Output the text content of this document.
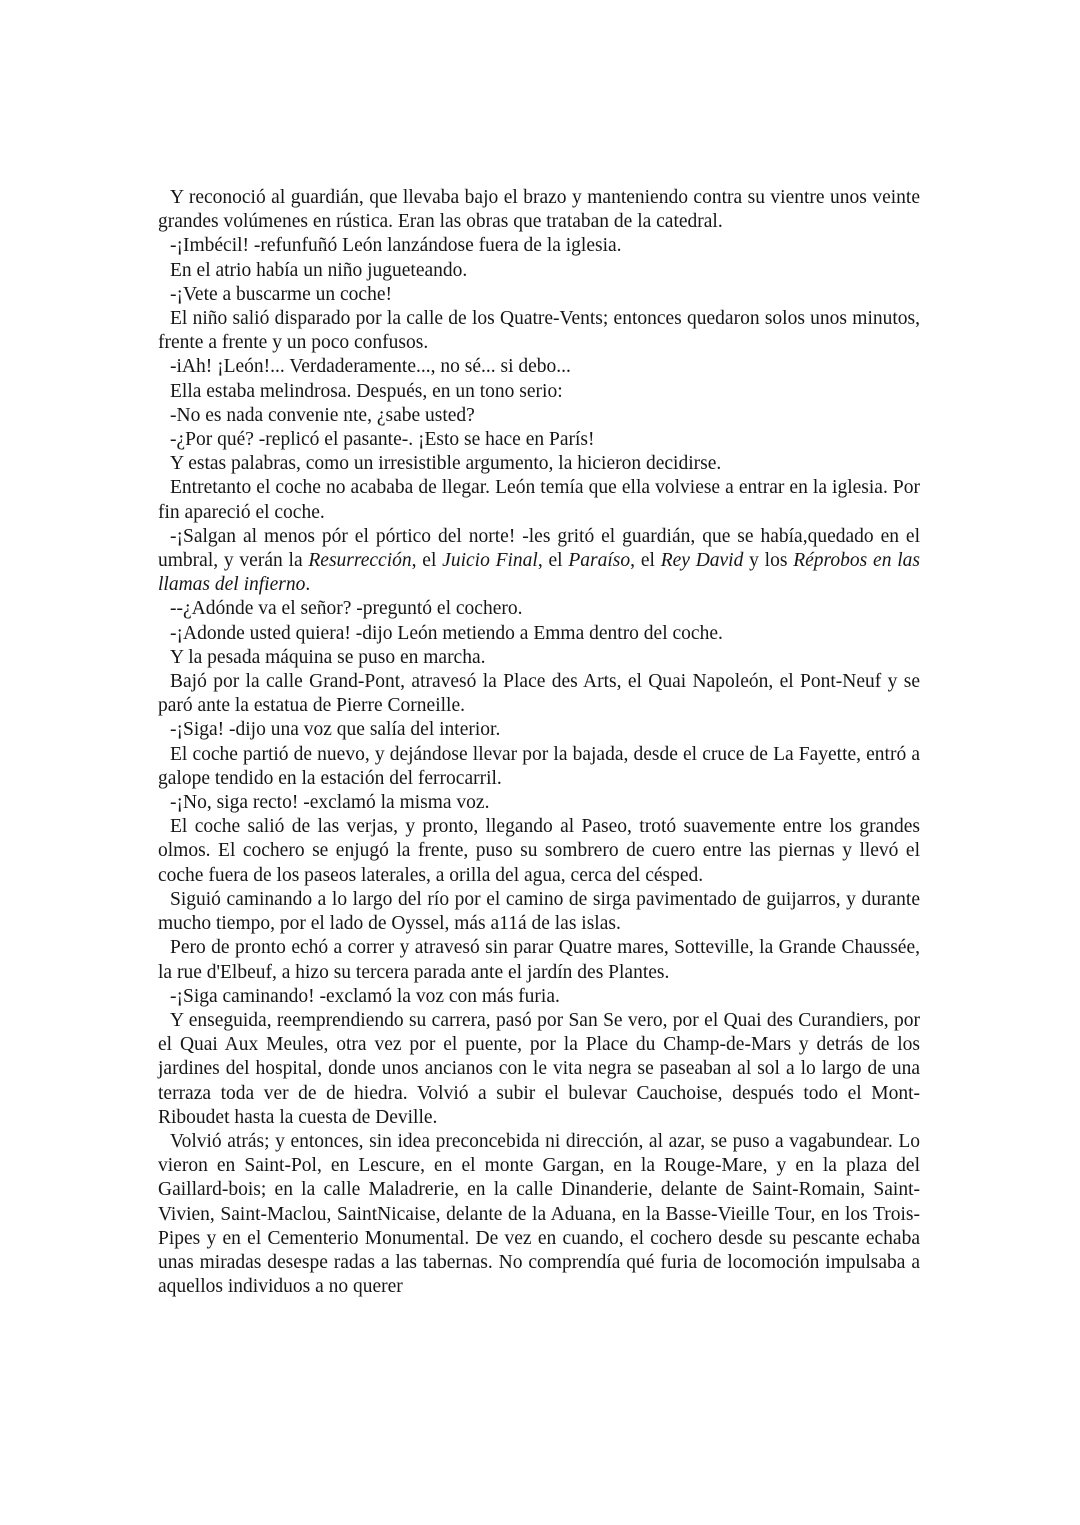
Y reconoció al guardián, que llevaba bajo el brazo y manteniendo contra su vientre unos veinte grandes volúmenes en rústica. Eran las obras que trataban de la catedral.

-¡Imbécil! -refunfuñó León lanzándose fuera de la iglesia.

En el atrio había un niño jugueteando.

-¡Vete a buscarme un coche!

El niño salió disparado por la calle de los Quatre-Vents; entonces quedaron solos unos minutos, frente a frente y un poco confusos.

-iAh! ¡León!... Verdaderamente..., no sé... si debo...

Ella estaba melindrosa. Después, en un tono serio:

-No es nada convenie nte, ¿sabe usted?

-¿Por qué? -replicó el pasante-. ¡Esto se hace en París!

Y estas palabras, como un irresistible argumento, la hicieron decidirse.

Entretanto el coche no acababa de llegar. León temía que ella volviese a entrar en la iglesia. Por fin apareció el coche.

-¡Salgan al menos pór el pórtico del norte! -les gritó el guardián, que se había,quedado en el umbral, y verán la Resurrección, el Juicio Final, el Paraíso, el Rey David y los Réprobos en las llamas del infierno.

--¿Adónde va el señor? -preguntó el cochero.

-¡Adonde usted quiera! -dijo León metiendo a Emma dentro del coche.

Y la pesada máquina se puso en marcha.

Bajó por la calle Grand-Pont, atravesó la Place des Arts, el Quai Napoleón, el Pont-Neuf y se paró ante la estatua de Pierre Corneille.

-¡Siga! -dijo una voz que salía del interior.

El coche partió de nuevo, y dejándose llevar por la bajada, desde el cruce de La Fayette, entró a galope tendido en la estación del ferrocarril.

-¡No, siga recto! -exclamó la misma voz.

El coche salió de las verjas, y pronto, llegando al Paseo, trotó suavemente entre los grandes olmos. El cochero se enjugó la frente, puso su sombrero de cuero entre las piernas y llevó el coche fuera de los paseos laterales, a orilla del agua, cerca del césped.

Siguió caminando a lo largo del río por el camino de sirga pavimentado de guijarros, y durante mucho tiempo, por el lado de Oyssel, más a11á de las islas.

Pero de pronto echó a correr y atravesó sin parar Quatre mares, Sotteville, la Grande Chaussée, la rue d'Elbeuf, a hizo su tercera parada ante el jardín des Plantes.

-¡Siga caminando! -exclamó la voz con más furia.

Y enseguida, reemprendiendo su carrera, pasó por San Se vero, por el Quai des Curandiers, por el Quai Aux Meules, otra vez por el puente, por la Place du Champ-de-Mars y detrás de los jardines del hospital, donde unos ancianos con le vita negra se paseaban al sol a lo largo de una terraza toda ver de de hiedra. Volvió a subir el bulevar Cauchoise, después todo el Mont-Riboudet hasta la cuesta de Deville.

Volvió atrás; y entonces, sin idea preconcebida ni dirección, al azar, se puso a vagabundear. Lo vieron en Saint-Pol, en Lescure, en el monte Gargan, en la Rouge-Mare, y en la plaza del Gaillard-bois; en la calle Maladrerie, en la calle Dinanderie, delante de Saint-Romain, Saint-Vivien, Saint-Maclou, SaintNicaise, delante de la Aduana, en la Basse-Vieille Tour, en los Trois-Pipes y en el Cementerio Monumental. De vez en cuando, el cochero desde su pescante echaba unas miradas desespe radas a las tabernas. No comprendía qué furia de locomoción impulsaba a aquellos individuos a no querer
